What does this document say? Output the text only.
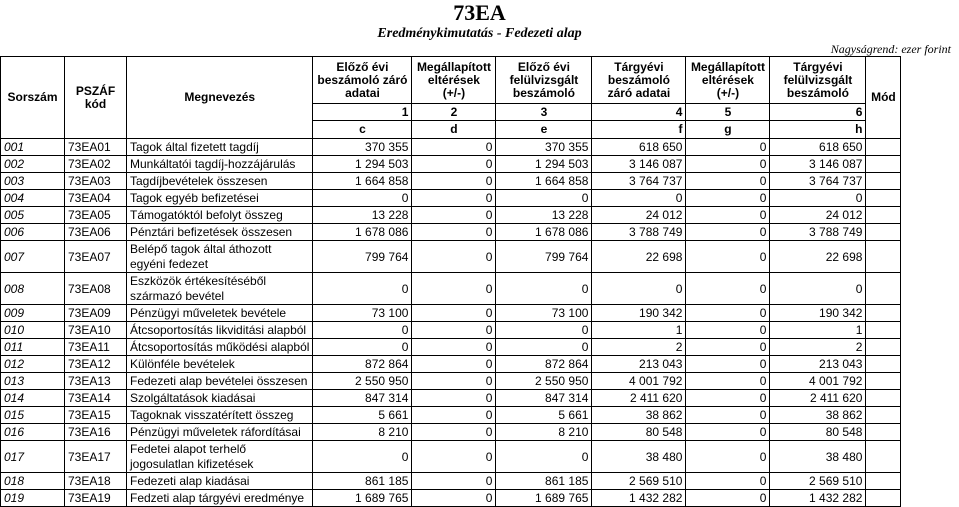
73EA
Eredménykimutatás - Fedezeti alap
Nagyságrend: ezer forint
Sorszám	PSZÁF kód	Megnevezés	Előző évi beszámoló záró adatai	Megállapított eltérések (+/-)	Előző évi felülvizsgált beszámoló	Tárgyévi beszámoló záró adatai	Megállapított eltérések (+/-)	Tárgyévi felülvizsgált beszámoló	Mód
			1	2	3	4	5	6	
			c	d	e	f	g	h	
001	73EA01	Tagok által fizetett tagdíj	370 355	0	370 355	618 650	0	618 650	
002	73EA02	Munkáltatói tagdíj-hozzájárulás	1 294 503	0	1 294 503	3 146 087	0	3 146 087	
003	73EA03	Tagdíjbevételek összesen	1 664 858	0	1 664 858	3 764 737	0	3 764 737	
004	73EA04	Tagok egyéb befizetései	0	0	0	0	0	0	
005	73EA05	Támogatóktól befolyt összeg	13 228	0	13 228	24 012	0	24 012	
006	73EA06	Pénztári befizetések összesen	1 678 086	0	1 678 086	3 788 749	0	3 788 749	
007	73EA07	Belépő tagok által áthozott egyéni fedezet	799 764	0	799 764	22 698	0	22 698	
008	73EA08	Eszközök értékesítéséből származó bevétel	0	0	0	0	0	0	
009	73EA09	Pénzügyi műveletek bevétele	73 100	0	73 100	190 342	0	190 342	
010	73EA10	Átcsoportosítás likviditási alapból	0	0	0	1	0	1	
011	73EA11	Átcsoportosítás működési alapból	0	0	0	2	0	2	
012	73EA12	Különféle bevételek	872 864	0	872 864	213 043	0	213 043	
013	73EA13	Fedezeti alap bevételei összesen	2 550 950	0	2 550 950	4 001 792	0	4 001 792	
014	73EA14	Szolgáltatások kiadásai	847 314	0	847 314	2 411 620	0	2 411 620	
015	73EA15	Tagoknak visszatérített összeg	5 661	0	5 661	38 862	0	38 862	
016	73EA16	Pénzügyi műveletek ráfordításai	8 210	0	8 210	80 548	0	80 548	
017	73EA17	Fedetei alapot terhelő jogosulatlan kifizetések	0	0	0	38 480	0	38 480	
018	73EA18	Fedezeti alap kiadásai	861 185	0	861 185	2 569 510	0	2 569 510	
019	73EA19	Fedzeti alap tárgyévi eredménye	1 689 765	0	1 689 765	1 432 282	0	1 432 282	
